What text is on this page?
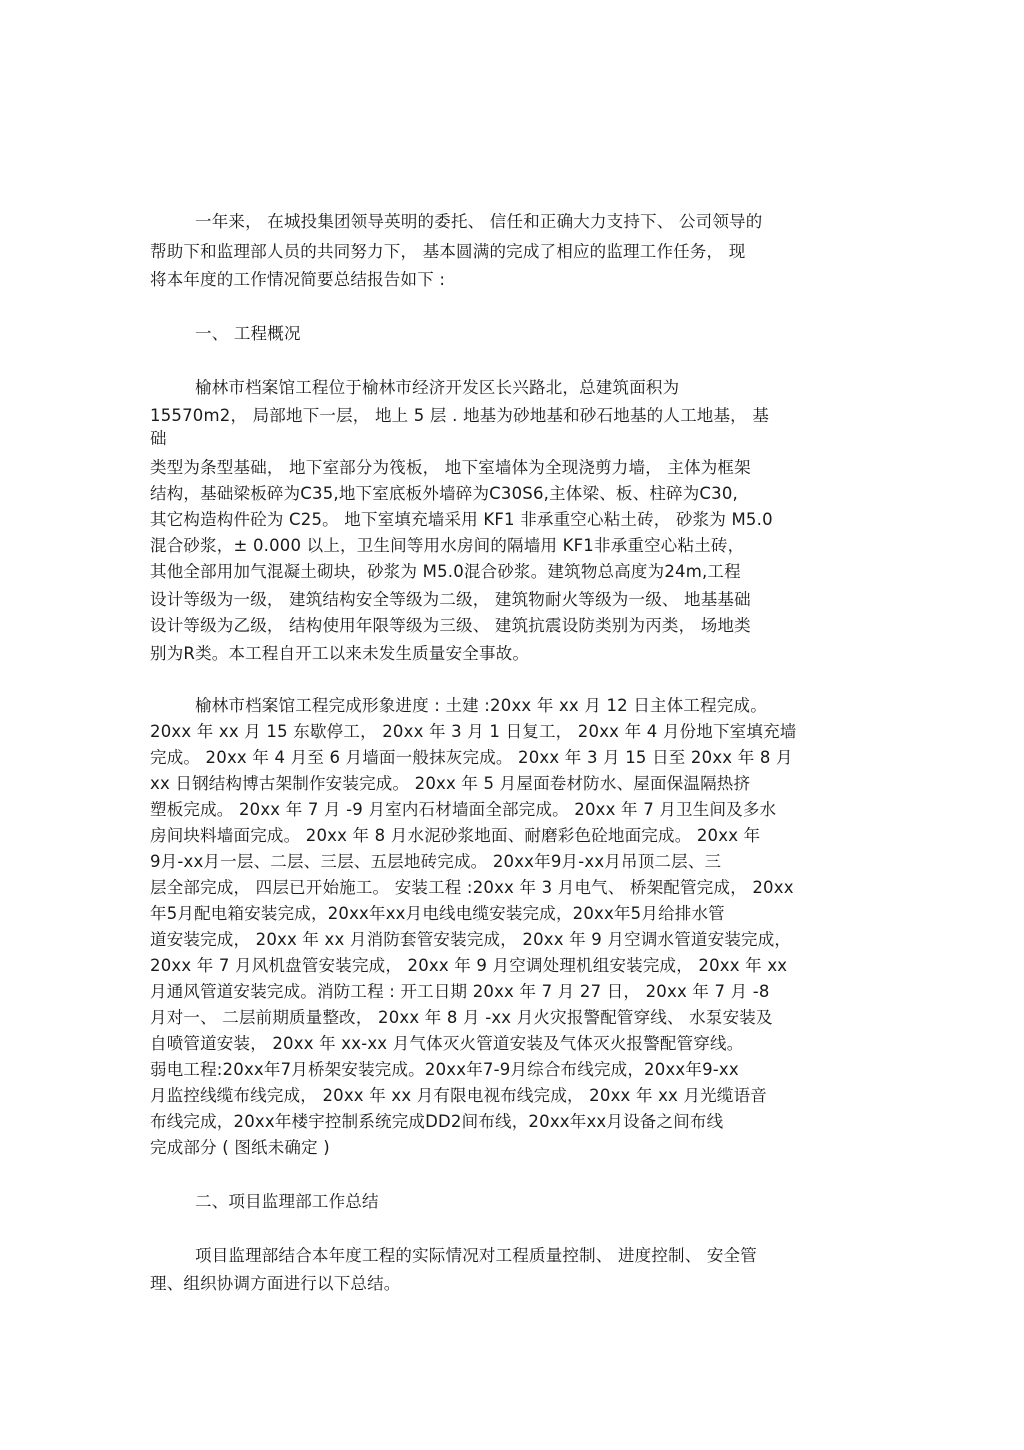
一年来， 在城投集团领导英明的委托、 信任和正确大力支持下、 公司领导的
帮助下和监理部人员的共同努力下， 基本圆满的完成了相应的监理工作任务， 现
将本年度的工作情况简要总结报告如下 :
一、 工程概况
榆林市档案馆工程位于榆林市经济开发区长兴路北，总建筑面积为
15570m2， 局部地下一层， 地上 5 层 . 地基为砂地基和砂石地基的人工地基， 基
础
类型为条型基础， 地下室部分为筏板， 地下室墙体为全现浇剪力墙， 主体为框架
结构，基础梁板碎为C35,地下室底板外墙碎为C30S6,主体梁、板、柱碎为C30,
其它构造构件砼为 C25。 地下室填充墙采用 KF1 非承重空心粘土砖， 砂浆为 M5.0
混合砂浆，± 0.000 以上，卫生间等用水房间的隔墙用 KF1非承重空心粘土砖，
其他全部用加气混凝土砌块，砂浆为 M5.0混合砂浆。建筑物总高度为24m,工程
设计等级为一级， 建筑结构安全等级为二级， 建筑物耐火等级为一级、 地基基础
设计等级为乙级， 结构使用年限等级为三级、 建筑抗震设防类别为丙类， 场地类
别为R类。本工程自开工以来未发生质量安全事故。
榆林市档案馆工程完成形象进度 : 土建 :20xx 年 xx 月 12 日主体工程完成。
20xx 年 xx 月 15 东歇停工， 20xx 年 3 月 1 日复工， 20xx 年 4 月份地下室填充墙
完成。 20xx 年 4 月至 6 月墙面一般抹灰完成。 20xx 年 3 月 15 日至 20xx 年 8 月
xx 日钢结构博古架制作安装完成。 20xx 年 5 月屋面卷材防水、屋面保温隔热挤
塑板完成。 20xx 年 7 月 -9 月室内石材墙面全部完成。 20xx 年 7 月卫生间及多水
房间块料墙面完成。 20xx 年 8 月水泥砂浆地面、耐磨彩色砼地面完成。 20xx 年
9月-xx月一层、二层、三层、五层地砖完成。 20xx年9月-xx月吊顶二层、三
层全部完成， 四层已开始施工。 安装工程 :20xx 年 3 月电气、 桥架配管完成， 20xx
年5月配电箱安装完成，20xx年xx月电线电缆安装完成，20xx年5月给排水管
道安装完成， 20xx 年 xx 月消防套管安装完成， 20xx 年 9 月空调水管道安装完成，
20xx 年 7 月风机盘管安装完成， 20xx 年 9 月空调处理机组安装完成， 20xx 年 xx
月通风管道安装完成。消防工程 : 开工日期 20xx 年 7 月 27 日， 20xx 年 7 月 -8
月对一、 二层前期质量整改， 20xx 年 8 月 -xx 月火灾报警配管穿线、 水泵安装及
自喷管道安装， 20xx 年 xx-xx 月气体灭火管道安装及气体灭火报警配管穿线。
弱电工程:20xx年7月桥架安装完成。20xx年7-9月综合布线完成，20xx年9-xx
月监控线缆布线完成， 20xx 年 xx 月有限电视布线完成， 20xx 年 xx 月光缆语音
布线完成，20xx年楼宇控制系统完成DD2间布线，20xx年xx月设备之间布线
完成部分 ( 图纸未确定 )
二、项目监理部工作总结
项目监理部结合本年度工程的实际情况对工程质量控制、 进度控制、 安全管
理、组织协调方面进行以下总结。
